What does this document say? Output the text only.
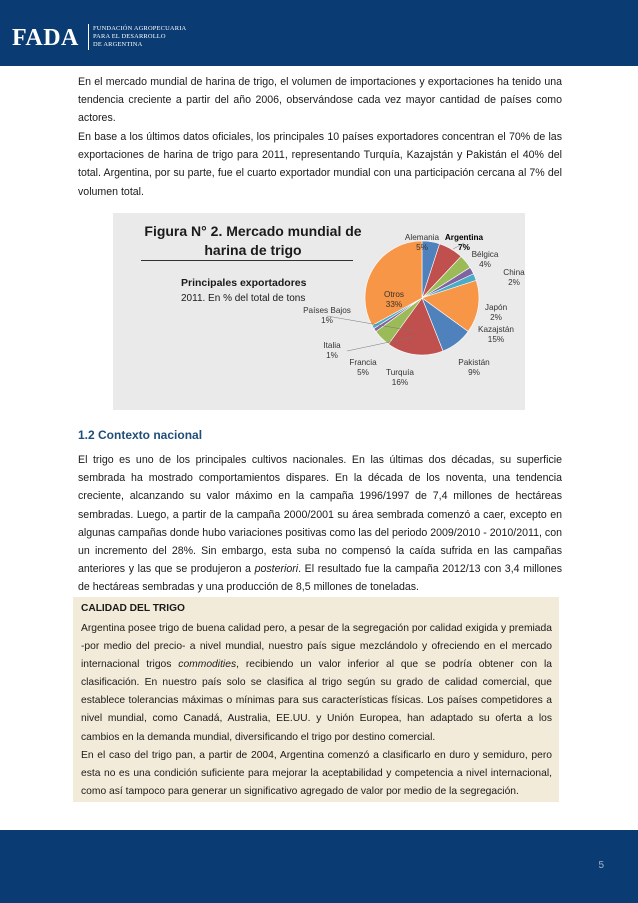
FADA FUNDACIÓN AGROPECUARIA
PARA EL DESARROLLO
DE ARGENTINA

En el mercado mundial de harina de trigo, el volumen de importaciones y exportaciones ha tenido una tendencia creciente a partir del año 2006, observándose cada vez mayor cantidad de países como actores.

En base a los últimos datos oficiales, los principales 10 países exportadores concentran el 70% de las exportaciones de harina de trigo para 2011, representando Turquía, Kazajstán y Pakistán el 40% del total. Argentina, por su parte, fue el cuarto exportador mundial con una participación cercana al 7% del volumen total.

Figura N° 2. Mercado mundial de harina de trigo
Principales exportadores
2011. En % del total de tons
Alemania
5%
Argentina
7%
Bélgica
4%
China
2%
Japón
2%
Kazajstán
15%
Pakistán
9%
Turquía
16%
Francia
5%
Italia
1%
Países Bajos
1%
Otros
33%
1.2 Contexto nacional

El trigo es uno de los principales cultivos nacionales. En las últimas dos décadas, su superficie sembrada ha mostrado comportamientos dispares. En la década de los noventa, una tendencia creciente, alcanzando su valor máximo en la campaña 1996/1997 de 7,4 millones de hectáreas sembradas. Luego, a partir de la campaña 2000/2001 su área sembrada comenzó a caer, excepto en algunas campañas donde hubo variaciones positivas como las del periodo 2009/2010 - 2010/2011, con un incremento del 28%. Sin embargo, esta suba no compensó la caída sufrida en las campañas anteriores y las que se produjeron a posteriori. El resultado fue la campaña 2012/13 con 3,4 millones de hectáreas sembradas y una producción de 8,5 millones de toneladas.

CALIDAD DEL TRIGO
Argentina posee trigo de buena calidad pero, a pesar de la segregación por calidad exigida y premiada -por medio del precio- a nivel mundial, nuestro país sigue mezclándolo y ofreciendo en el mercado internacional trigos commodities, recibiendo un valor inferior al que se podría obtener con la clasificación. En nuestro país solo se clasifica al trigo según su grado de calidad comercial, que establece tolerancias máximas o mínimas para sus características físicas. Los países competidores a nivel mundial, como Canadá, Australia, EE.UU. y Unión Europea, han adaptado su oferta a los cambios en la demanda mundial, diversificando el trigo por destino comercial.
En el caso del trigo pan, a partir de 2004, Argentina comenzó a clasificarlo en duro y semiduro, pero esta no es una condición suficiente para mejorar la aceptabilidad y competencia a nivel internacional, como así tampoco para generar un significativo agregado de valor por medio de la segregación.
5
